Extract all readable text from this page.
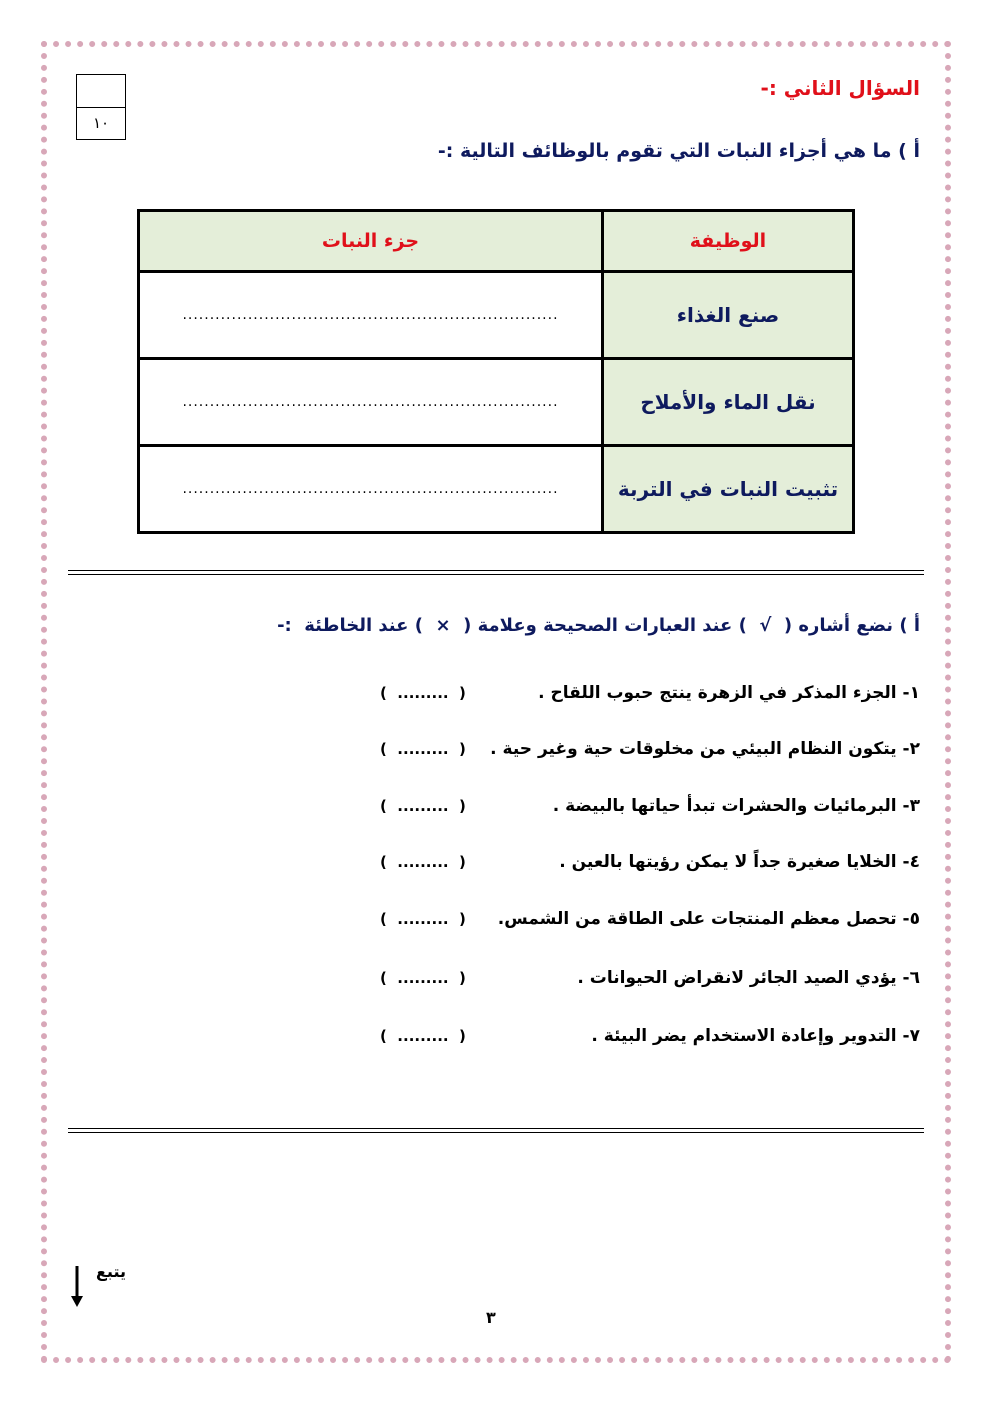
١٠
السؤال الثاني :-
أ ) ما هي أجزاء النبات التي تقوم بالوظائف التالية :-
الوظيفة	جزء النبات
صنع الغذاء	.....................................................................
نقل الماء والأملاح	.....................................................................
تثبيت النبات في التربة	.....................................................................
أ ) نضع أشاره (  √  ) عند العبارات الصحيحة وعلامة (  ×  ) عند الخاطئة  :-
١- الجزء المذكر في الزهرة ينتج حبوب اللقاح .
(  .........  )
٢- يتكون النظام البيئي من مخلوقات حية وغير حية .
(  .........  )
٣- البرمائيات والحشرات تبدأ حياتها بالبيضة .
(  .........  )
٤- الخلايا صغيرة جداً لا يمكن رؤيتها بالعين .
(  .........  )
٥- تحصل معظم المنتجات على الطاقة من الشمس.
(  .........  )
٦- يؤدي الصيد الجائر لانقراض الحيوانات .
(  .........  )
٧- التدوير وإعادة الاستخدام يضر البيئة .
(  .........  )
يتبع
٣
